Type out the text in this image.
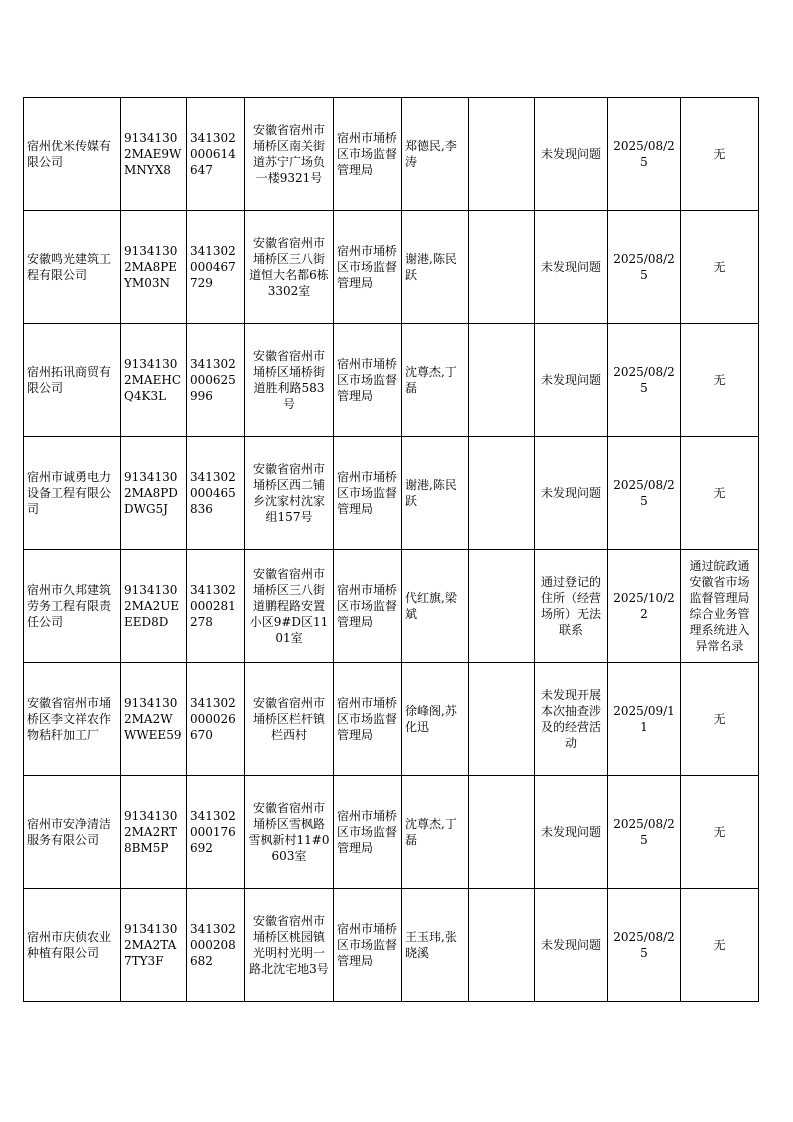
宿州优米传媒有限公司	91341302MAE9WMNYX8	341302000614647	安徽省宿州市埇桥区南关街道苏宁广场负一楼9321号	宿州市埇桥区市场监督管理局	郑德民,李涛		未发现问题	2025/08/25	无
安徽鸣光建筑工程有限公司	91341302MA8PEYM03N	341302000467729	安徽省宿州市埇桥区三八街道恒大名都6栋3302室	宿州市埇桥区市场监督管理局	谢港,陈民跃		未发现问题	2025/08/25	无
宿州拓讯商贸有限公司	91341302MAEHCQ4K3L	341302000625996	安徽省宿州市埇桥区埇桥街道胜利路583号	宿州市埇桥区市场监督管理局	沈尊杰,丁磊		未发现问题	2025/08/25	无
宿州市诚勇电力设备工程有限公司	91341302MA8PDDWG5J	341302000465836	安徽省宿州市埇桥区西二铺乡沈家村沈家组157号	宿州市埇桥区市场监督管理局	谢港,陈民跃		未发现问题	2025/08/25	无
宿州市久邦建筑劳务工程有限责任公司	91341302MA2UEEED8D	341302000281278	安徽省宿州市埇桥区三八街道鹏程路安置小区9#D区1101室	宿州市埇桥区市场监督管理局	代红旗,梁斌		通过登记的住所（经营场所）无法联系	2025/10/22	通过皖政通安徽省市场监督管理局综合业务管理系统进入异常名录
安徽省宿州市埇桥区李文祥农作物秸秆加工厂	91341302MA2WWWEE59	341302000026670	安徽省宿州市埇桥区栏杆镇栏西村	宿州市埇桥区市场监督管理局	徐峰阁,苏化迅		未发现开展本次抽查涉及的经营活动	2025/09/11	无
宿州市安净清洁服务有限公司	91341302MA2RT8BM5P	341302000176692	安徽省宿州市埇桥区雪枫路雪枫新村11#0603室	宿州市埇桥区市场监督管理局	沈尊杰,丁磊		未发现问题	2025/08/25	无
宿州市庆侦农业种植有限公司	91341302MA2TA7TY3F	341302000208682	安徽省宿州市埇桥区桃园镇光明村光明一路北沈宅地3号	宿州市埇桥区市场监督管理局	王玉玮,张晓溪		未发现问题	2025/08/25	无
